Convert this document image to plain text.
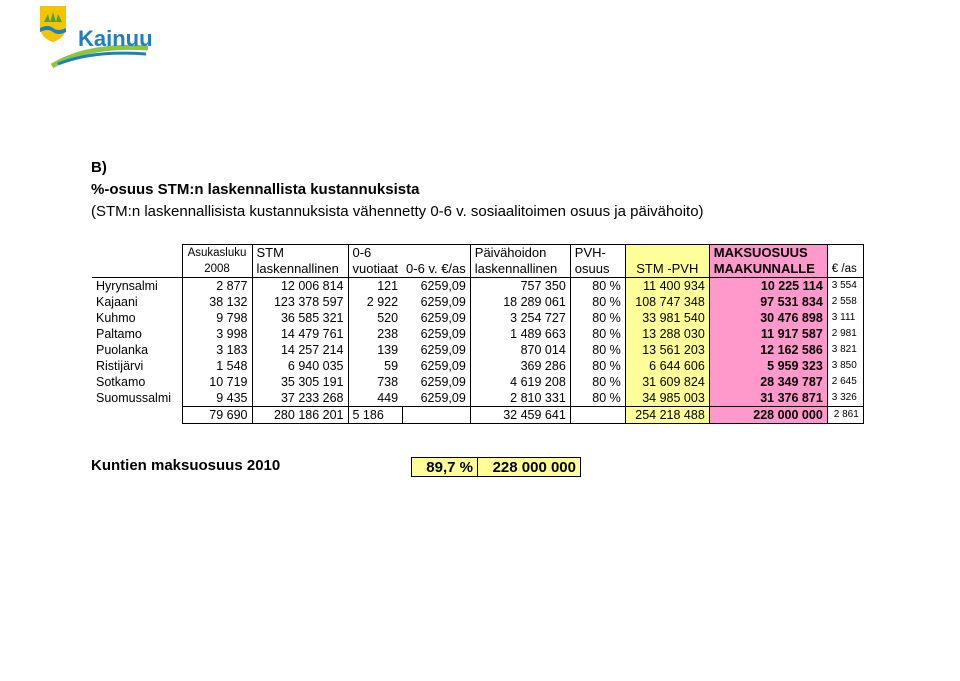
Kainuu
B)
%-osuus STM:n laskennallista kustannuksista
(STM:n laskennallisista kustannuksista vähennetty 0-6 v. sosiaalitoimen osuus ja päivähoito)
	Asukasluku	STM	0-6		Päivähoidon	PVH-		MAKSUOSUUS	
	2008	laskennallinen	vuotiaat	0-6 v. €/as	laskennallinen	osuus	STM -PVH	MAAKUNNALLE	€ /as
Hyrynsalmi	2 877	12 006 814	121	6259,09	757 350	80 %	11 400 934	10 225 114	3 554
Kajaani	38 132	123 378 597	2 922	6259,09	18 289 061	80 %	108 747 348	97 531 834	2 558
Kuhmo	9 798	36 585 321	520	6259,09	3 254 727	80 %	33 981 540	30 476 898	3 111
Paltamo	3 998	14 479 761	238	6259,09	1 489 663	80 %	13 288 030	11 917 587	2 981
Puolanka	3 183	14 257 214	139	6259,09	870 014	80 %	13 561 203	12 162 586	3 821
Ristijärvi	1 548	6 940 035	59	6259,09	369 286	80 %	6 644 606	5 959 323	3 850
Sotkamo	10 719	35 305 191	738	6259,09	4 619 208	80 %	31 609 824	28 349 787	2 645
Suomussalmi	9 435	37 233 268	449	6259,09	2 810 331	80 %	34 985 003	31 376 871	3 326
	79 690	280 186 201	5 186		32 459 641		254 218 488	228 000 000	2 861
Kuntien maksuosuus 2010	89,7 %	228 000 000
